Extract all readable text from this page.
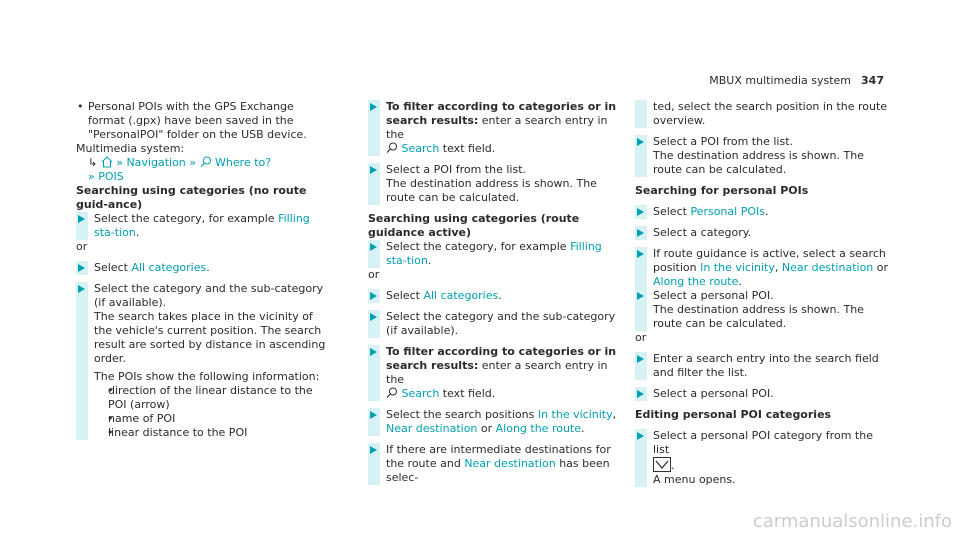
MBUX multimedia system 347

• Personal POIs with the GPS Exchange format (.gpx) have been saved in the "PersonalPOI" folder on the USB device.

Multimedia system:

↳ » Navigation » Where to?
» POIS

Searching using categories (no route guid-ance)

Select the category, for example Filling sta-tion.

or

Select All categories.
Select the category and the sub-category (if available).
The search takes place in the vicinity of the vehicle's current position. The search result are sorted by distance in ascending order.
The POIs show the following information:
• direction of the linear distance to the POI (arrow)
• name of POI
• linear distance to the POI
To filter according to categories or in search results: enter a search entry in the
Search text field.
Select a POI from the list.
The destination address is shown. The route can be calculated.

Searching using categories (route guidance active)

Select the category, for example Filling sta-tion.

or

Select All categories.
Select the category and the sub-category (if available).
To filter according to categories or in search results: enter a search entry in the
Search text field.
Select the search positions In the vicinity, Near destination or Along the route.
If there are intermediate destinations for the route and Near destination has been selec-
ted, select the search position in the route overview.
Select a POI from the list.
The destination address is shown. The route can be calculated.

Searching for personal POIs

Select Personal POIs.
Select a category.
If route guidance is active, select a search position In the vicinity, Near destination or Along the route.
Select a personal POI.
The destination address is shown. The route can be calculated.

or

Enter a search entry into the search field and filter the list.
Select a personal POI.

Editing personal POI categories

Select a personal POI category from the list
.
A menu opens.
carmanualsonline.info
